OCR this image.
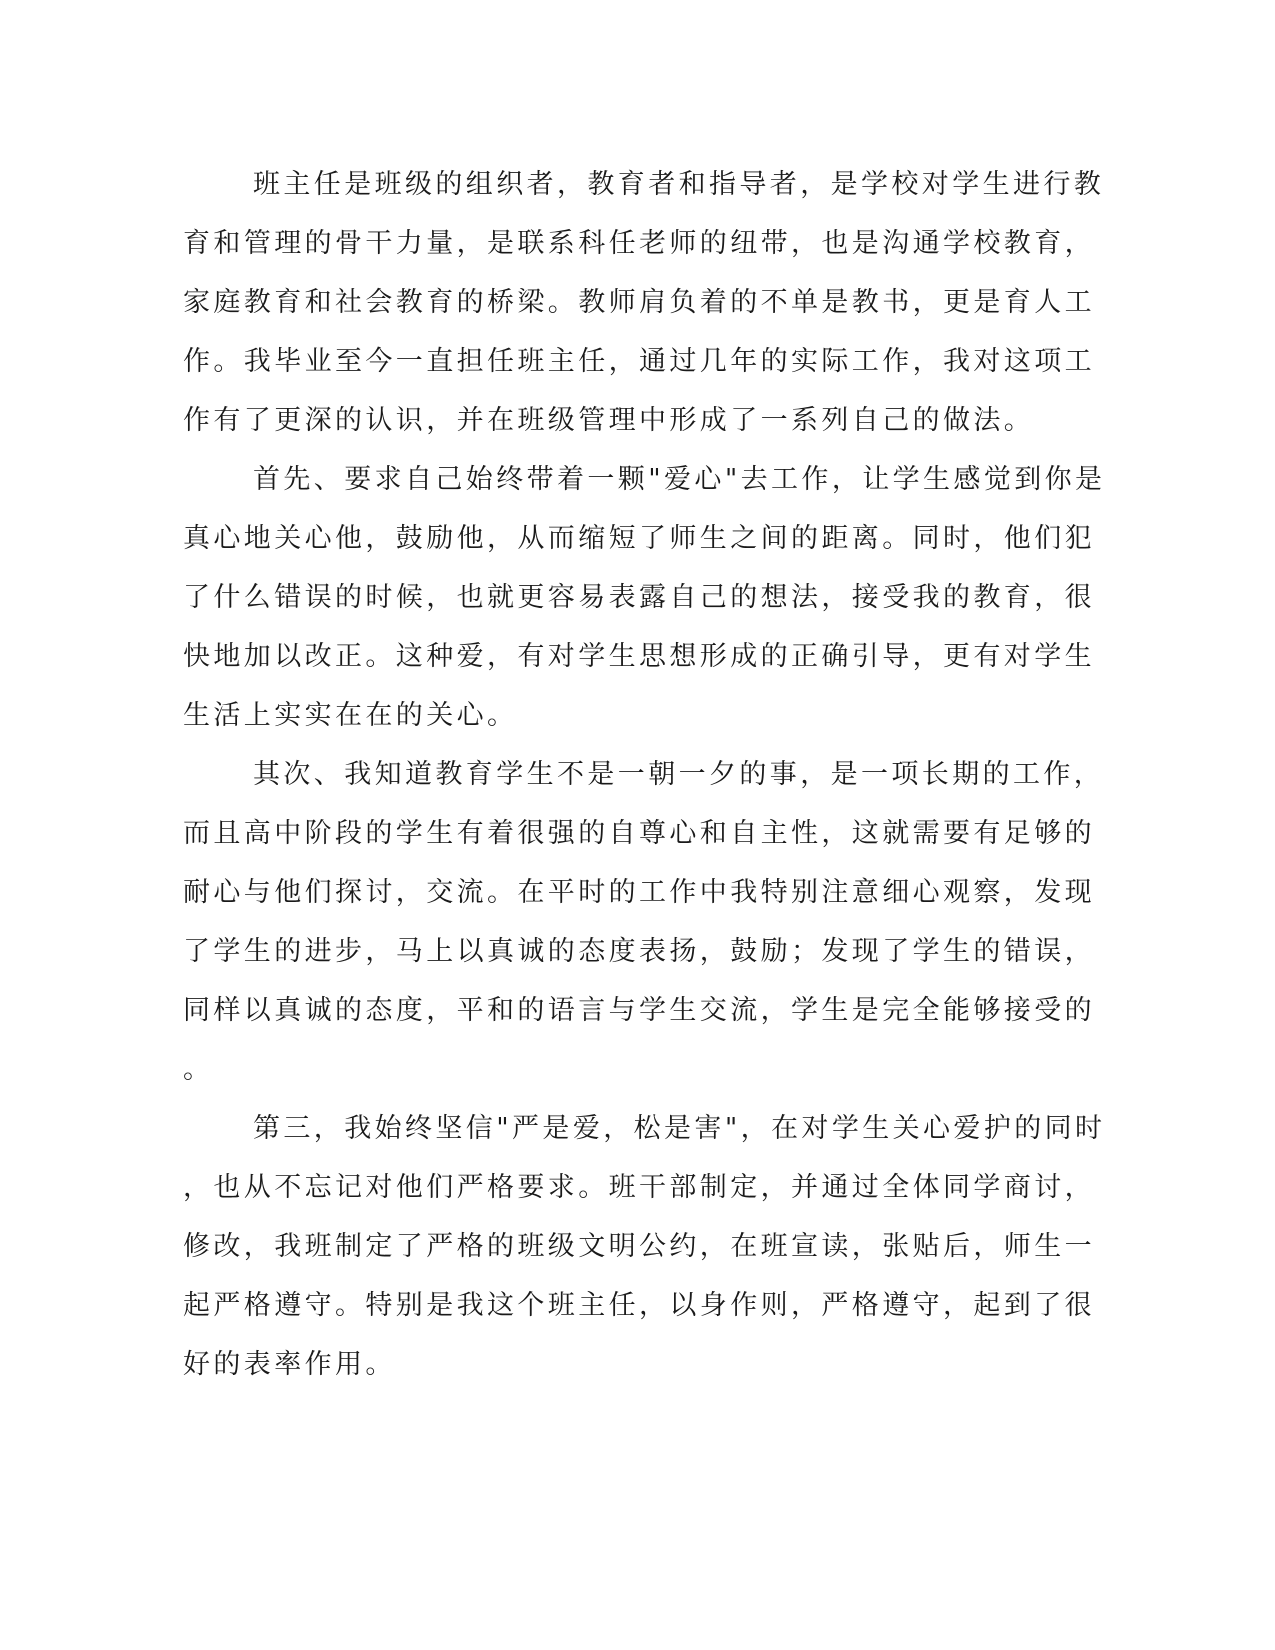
班主任是班级的组织者，教育者和指导者，是学校对学生进行教
育和管理的骨干力量，是联系科任老师的纽带，也是沟通学校教育，
家庭教育和社会教育的桥梁。教师肩负着的不单是教书，更是育人工
作。我毕业至今一直担任班主任，通过几年的实际工作，我对这项工
作有了更深的认识，并在班级管理中形成了一系列自己的做法。
首先、要求自己始终带着一颗"爱心"去工作，让学生感觉到你是
真心地关心他，鼓励他，从而缩短了师生之间的距离。同时，他们犯
了什么错误的时候，也就更容易表露自己的想法，接受我的教育，很
快地加以改正。这种爱，有对学生思想形成的正确引导，更有对学生
生活上实实在在的关心。
其次、我知道教育学生不是一朝一夕的事，是一项长期的工作，
而且高中阶段的学生有着很强的自尊心和自主性，这就需要有足够的
耐心与他们探讨，交流。在平时的工作中我特别注意细心观察，发现
了学生的进步，马上以真诚的态度表扬，鼓励；发现了学生的错误，
同样以真诚的态度，平和的语言与学生交流，学生是完全能够接受的
。
第三，我始终坚信"严是爱，松是害"，在对学生关心爱护的同时
，也从不忘记对他们严格要求。班干部制定，并通过全体同学商讨，
修改，我班制定了严格的班级文明公约，在班宣读，张贴后，师生一
起严格遵守。特别是我这个班主任，以身作则，严格遵守，起到了很
好的表率作用。
